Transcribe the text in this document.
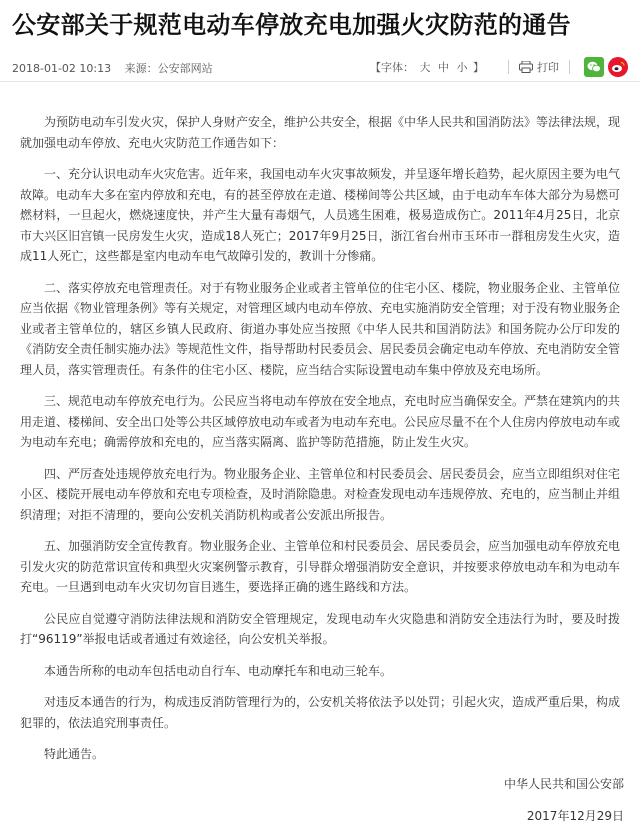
公安部关于规范电动车停放充电加强火灾防范的通告
2018-01-02 10:13 来源：公安部网站	【字体： 大 中 小 】	打印

为预防电动车引发火灾，保护人身财产安全，维护公共安全，根据《中华人民共和国消防法》等法律法规，现就加强电动车停放、充电火灾防范工作通告如下：

一、充分认识电动车火灾危害。近年来，我国电动车火灾事故频发，并呈逐年增长趋势，起火原因主要为电气故障。电动车大多在室内停放和充电，有的甚至停放在走道、楼梯间等公共区域，由于电动车车体大部分为易燃可燃材料，一旦起火，燃烧速度快，并产生大量有毒烟气，人员逃生困难，极易造成伤亡。2011年4月25日，北京市大兴区旧宫镇一民房发生火灾，造成18人死亡；2017年9月25日，浙江省台州市玉环市一群租房发生火灾，造成11人死亡，这些都是室内电动车电气故障引发的，教训十分惨痛。

二、落实停放充电管理责任。对于有物业服务企业或者主管单位的住宅小区、楼院，物业服务企业、主管单位应当依据《物业管理条例》等有关规定，对管理区域内电动车停放、充电实施消防安全管理；对于没有物业服务企业或者主管单位的，辖区乡镇人民政府、街道办事处应当按照《中华人民共和国消防法》和国务院办公厅印发的《消防安全责任制实施办法》等规范性文件，指导帮助村民委员会、居民委员会确定电动车停放、充电消防安全管理人员，落实管理责任。有条件的住宅小区、楼院，应当结合实际设置电动车集中停放及充电场所。

三、规范电动车停放充电行为。公民应当将电动车停放在安全地点，充电时应当确保安全。严禁在建筑内的共用走道、楼梯间、安全出口处等公共区域停放电动车或者为电动车充电。公民应尽量不在个人住房内停放电动车或为电动车充电；确需停放和充电的，应当落实隔离、监护等防范措施，防止发生火灾。

四、严厉查处违规停放充电行为。物业服务企业、主管单位和村民委员会、居民委员会，应当立即组织对住宅小区、楼院开展电动车停放和充电专项检查，及时消除隐患。对检查发现电动车违规停放、充电的，应当制止并组织清理；对拒不清理的，要向公安机关消防机构或者公安派出所报告。

五、加强消防安全宣传教育。物业服务企业、主管单位和村民委员会、居民委员会，应当加强电动车停放充电引发火灾的防范常识宣传和典型火灾案例警示教育，引导群众增强消防安全意识，并按要求停放电动车和为电动车充电。一旦遇到电动车火灾切勿盲目逃生，要选择正确的逃生路线和方法。

公民应自觉遵守消防法律法规和消防安全管理规定，发现电动车火灾隐患和消防安全违法行为时，要及时拨打“96119”举报电话或者通过有效途径，向公安机关举报。

本通告所称的电动车包括电动自行车、电动摩托车和电动三轮车。

对违反本通告的行为，构成违反消防管理行为的，公安机关将依法予以处罚；引起火灾，造成严重后果，构成犯罪的，依法追究刑事责任。

特此通告。

中华人民共和国公安部
2017年12月29日
